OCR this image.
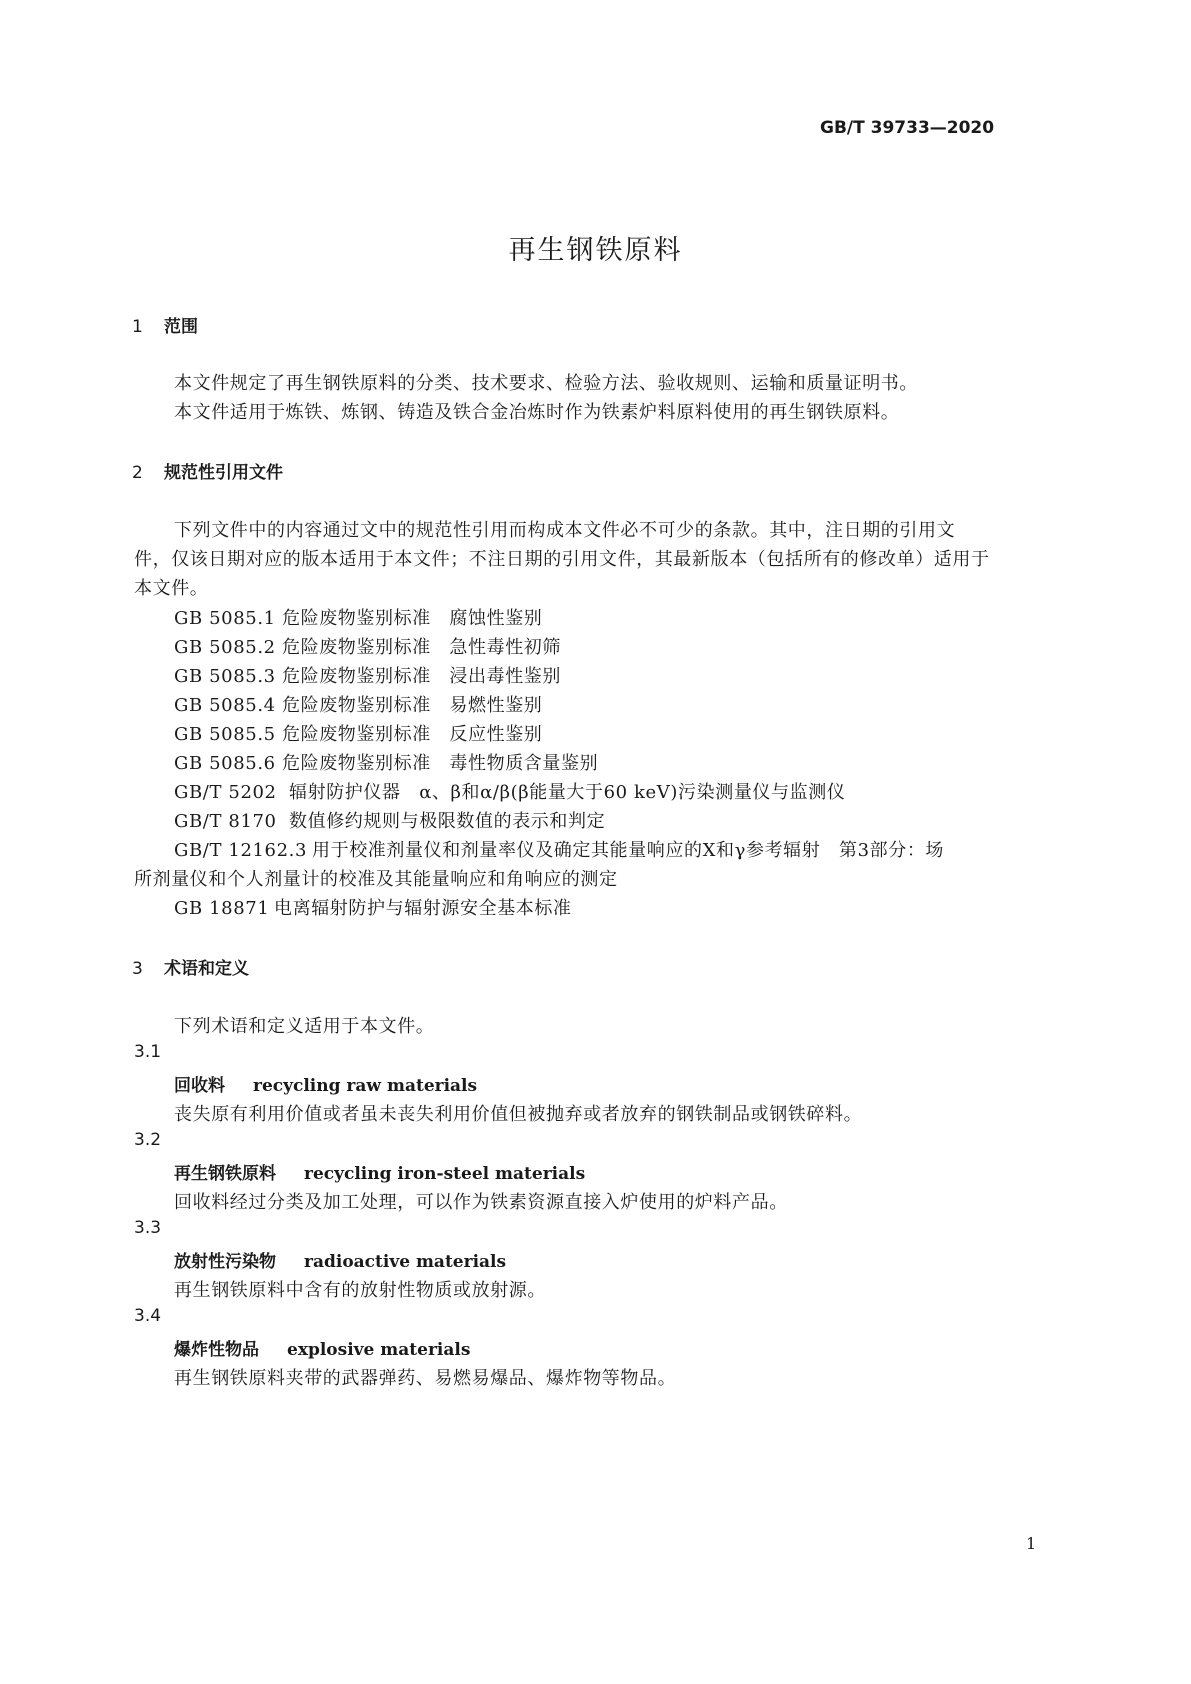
GB/T 39733—2020
再生钢铁原料
1 范围
本文件规定了再生钢铁原料的分类、技术要求、检验方法、验收规则、运输和质量证明书。
本文件适用于炼铁、炼钢、铸造及铁合金冶炼时作为铁素炉料原料使用的再生钢铁原料。
2 规范性引用文件
下列文件中的内容通过文中的规范性引用而构成本文件必不可少的条款。其中，注日期的引用文
件，仅该日期对应的版本适用于本文件；不注日期的引用文件，其最新版本（包括所有的修改单）适用于
本文件。
GB 5085.1 危险废物鉴别标准　腐蚀性鉴别
GB 5085.2 危险废物鉴别标准　急性毒性初筛
GB 5085.3 危险废物鉴别标准　浸出毒性鉴别
GB 5085.4 危险废物鉴别标准　易燃性鉴别
GB 5085.5 危险废物鉴别标准　反应性鉴别
GB 5085.6 危险废物鉴别标准　毒性物质含量鉴别
GB/T 5202 辐射防护仪器　α、β和α/β(β能量大于60 keV)污染测量仪与监测仪
GB/T 8170 数值修约规则与极限数值的表示和判定
GB/T 12162.3 用于校准剂量仪和剂量率仪及确定其能量响应的X和γ参考辐射　第3部分：场
所剂量仪和个人剂量计的校准及其能量响应和角响应的测定
GB 18871 电离辐射防护与辐射源安全基本标准
3 术语和定义
下列术语和定义适用于本文件。
3.1
回收料 recycling raw materials
丧失原有利用价值或者虽未丧失利用价值但被抛弃或者放弃的钢铁制品或钢铁碎料。
3.2
再生钢铁原料 recycling iron-steel materials
回收料经过分类及加工处理，可以作为铁素资源直接入炉使用的炉料产品。
3.3
放射性污染物 radioactive materials
再生钢铁原料中含有的放射性物质或放射源。
3.4
爆炸性物品 explosive materials
再生钢铁原料夹带的武器弹药、易燃易爆品、爆炸物等物品。
1
